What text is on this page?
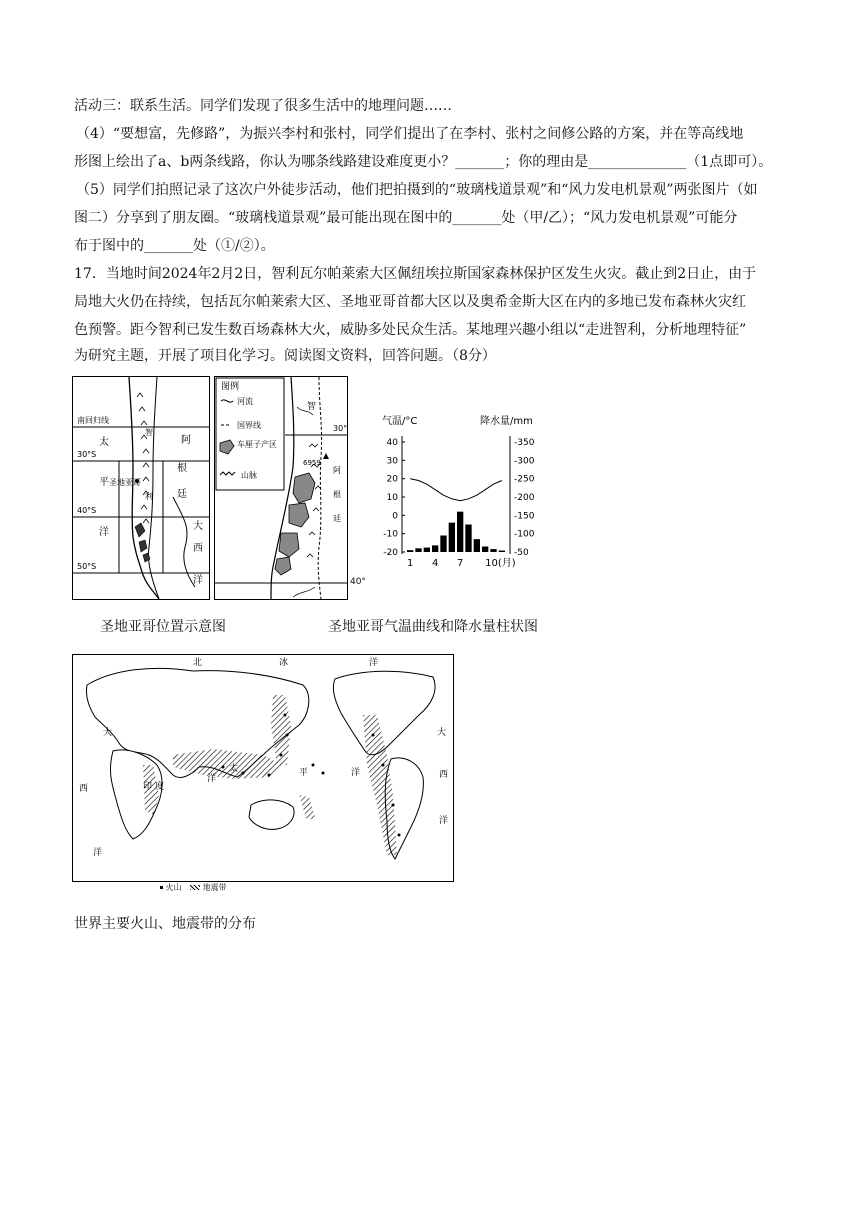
活动三：联系生活。同学们发现了很多生活中的地理问题……
（4）“要想富，先修路”，为振兴李村和张村，同学们提出了在李村、张村之间修公路的方案，并在等高线地
形图上绘出了a、b两条线路，你认为哪条线路建设难度更小？_______；你的理由是______________（1点即可）。
（5）同学们拍照记录了这次户外徒步活动，他们把拍摄到的“玻璃栈道景观”和“风力发电机景观”两张图片（如
图二）分享到了朋友圈。“玻璃栈道景观”最可能出现在图中的_______处（甲/乙）；“风力发电机景观”可能分
布于图中的_______处（①/②）。
17．当地时间2024年2月2日，智利瓦尔帕莱索大区佩纽埃拉斯国家森林保护区发生火灾。截止到2日止，由于
局地大火仍在持续，包括瓦尔帕莱索大区、圣地亚哥首都大区以及奥希金斯大区在内的多地已发布森林火灾红
色预警。距今智利已发生数百场森林大火，威胁多处民众生活。某地理兴趣小组以“走进智利，分析地理特征”
为研究主题，开展了项目化学习。阅读图文资料，回答问题。（8分）
南回归线
30°S
40°S
50°S
太
平
洋
圣地亚哥
智
利
阿
根
廷
大
西
洋
图例
河流
国界线
车厘子产区
山脉
30°
6959
智
阿
根
廷
40°
气温/°C	降水量/mm
40
30
20
10
0
-10
-20
-350
-300
-250
-200
-150
-100
-50
1 4 7 10(月)
圣地亚哥位置示意图	圣地亚哥气温曲线和降水量柱状图
北	冰	洋
大
西
洋
印 度
洋
太	平	洋
大
西
洋
火山	地震带
世界主要火山、地震带的分布
